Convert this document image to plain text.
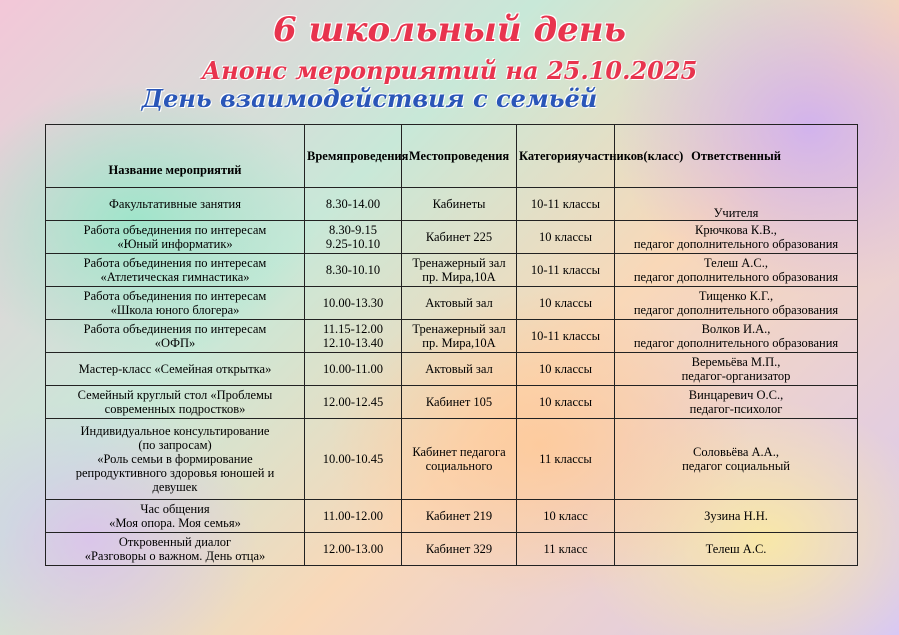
6 школьный день
Анонс мероприятий на 25.10.2025
День взаимодействия с семьёй
Название мероприятий	Времяпроведения	Местопроведения	Категорияучастников(класс)	Ответственный

Факультативные занятия	8.30-14.00	Кабинеты	10-11 классы	Учителя

Работа объединения по интересам
«Юный информатик»	8.30-9.15
9.25-10.10	Кабинет 225	10 классы	Крючкова К.В.,
педагог дополнительного образования

Работа объединения по интересам
«Атлетическая гимнастика»	8.30-10.10	Тренажерный зал
пр. Мира,10А	10-11 классы	Телеш А.С.,
педагог дополнительного образования

Работа объединения по интересам
«Школа юного блогера»	10.00-13.30	Актовый зал	10 классы	Тищенко К.Г.,
педагог дополнительного образования

Работа объединения по интересам
«ОФП»	11.15-12.00
12.10-13.40	Тренажерный зал
пр. Мира,10А	10-11 классы	Волков И.А.,
педагог дополнительного образования

Мастер-класс «Семейная открытка»	10.00-11.00	Актовый зал	10 классы	Веремьёва М.П.,
педагог-организатор

Семейный круглый стол «Проблемы
современных подростков»	12.00-12.45	Кабинет 105	10 классы	Винцаревич О.С.,
педагог-психолог

Индивидуальное консультирование
(по запросам)
«Роль семьи в формирование
репродуктивного здоровья юношей и
девушек	10.00-10.45	Кабинет педагога
социального	11 классы	Соловьёва А.А.,
педагог социальный

Час общения
«Моя опора. Моя семья»	11.00-12.00	Кабинет 219	10 класс	Зузина Н.Н.

Откровенный диалог
«Разговоры о важном. День отца»	12.00-13.00	Кабинет 329	11 класс	Телеш А.С.
